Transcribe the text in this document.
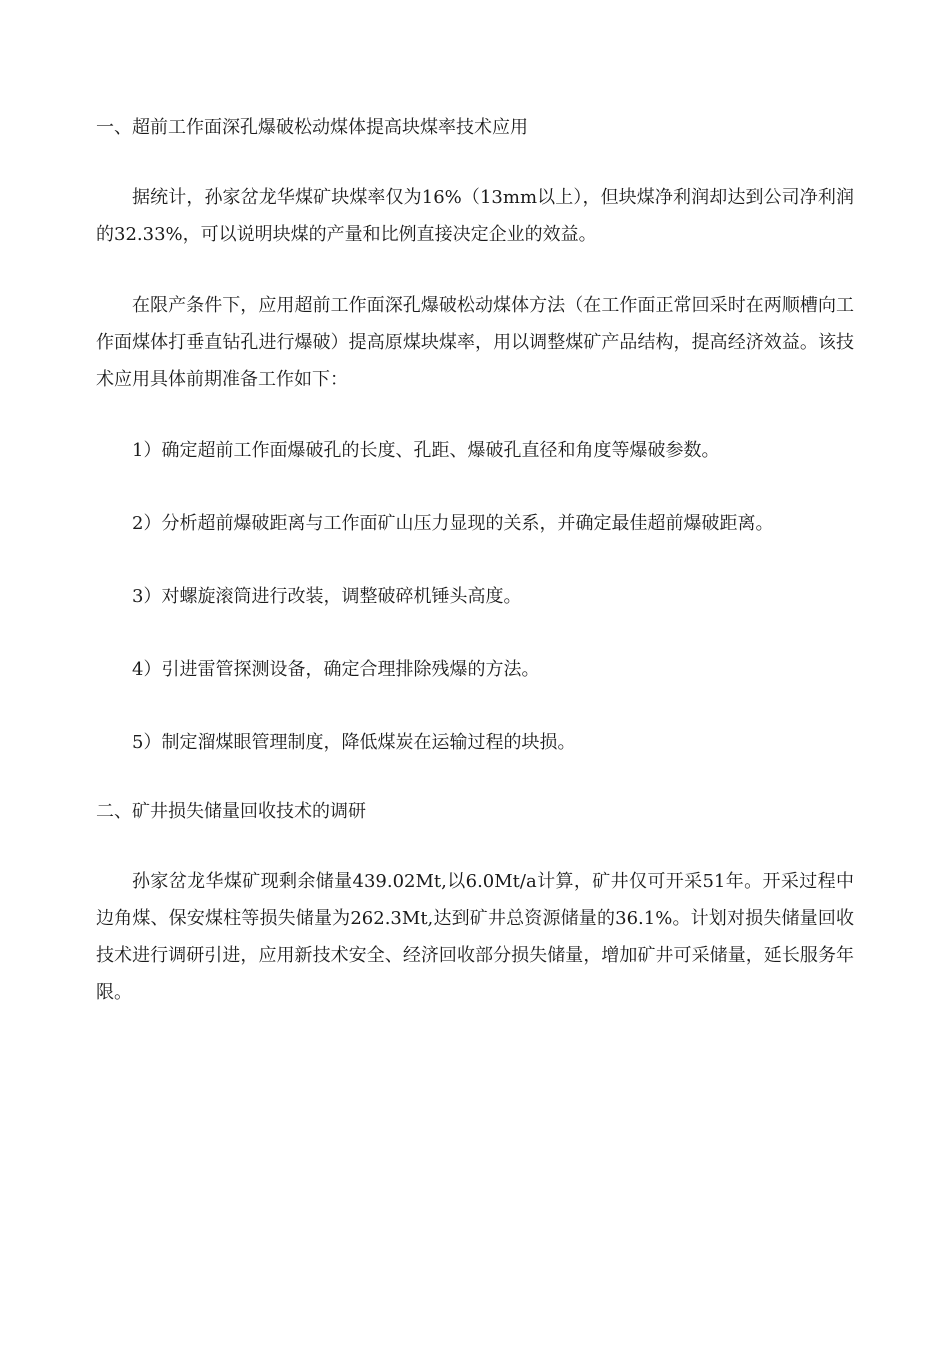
一、超前工作面深孔爆破松动煤体提高块煤率技术应用
据统计，孙家岔龙华煤矿块煤率仅为16%（13mm以上），但块煤净利润却达到公司净利润的32.33%，可以说明块煤的产量和比例直接决定企业的效益。
在限产条件下，应用超前工作面深孔爆破松动煤体方法（在工作面正常回采时在两顺槽向工作面煤体打垂直钻孔进行爆破）提高原煤块煤率，用以调整煤矿产品结构，提高经济效益。该技术应用具体前期准备工作如下：
1）确定超前工作面爆破孔的长度、孔距、爆破孔直径和角度等爆破参数。
2）分析超前爆破距离与工作面矿山压力显现的关系，并确定最佳超前爆破距离。
3）对螺旋滚筒进行改装，调整破碎机锤头高度。
4）引进雷管探测设备，确定合理排除残爆的方法。
5）制定溜煤眼管理制度，降低煤炭在运输过程的块损。
二、矿井损失储量回收技术的调研
孙家岔龙华煤矿现剩余储量439.02Mt,以6.0Mt/a计算，矿井仅可开采51年。开采过程中边角煤、保安煤柱等损失储量为262.3Mt,达到矿井总资源储量的36.1%。计划对损失储量回收技术进行调研引进，应用新技术安全、经济回收部分损失储量，增加矿井可采储量，延长服务年限。
